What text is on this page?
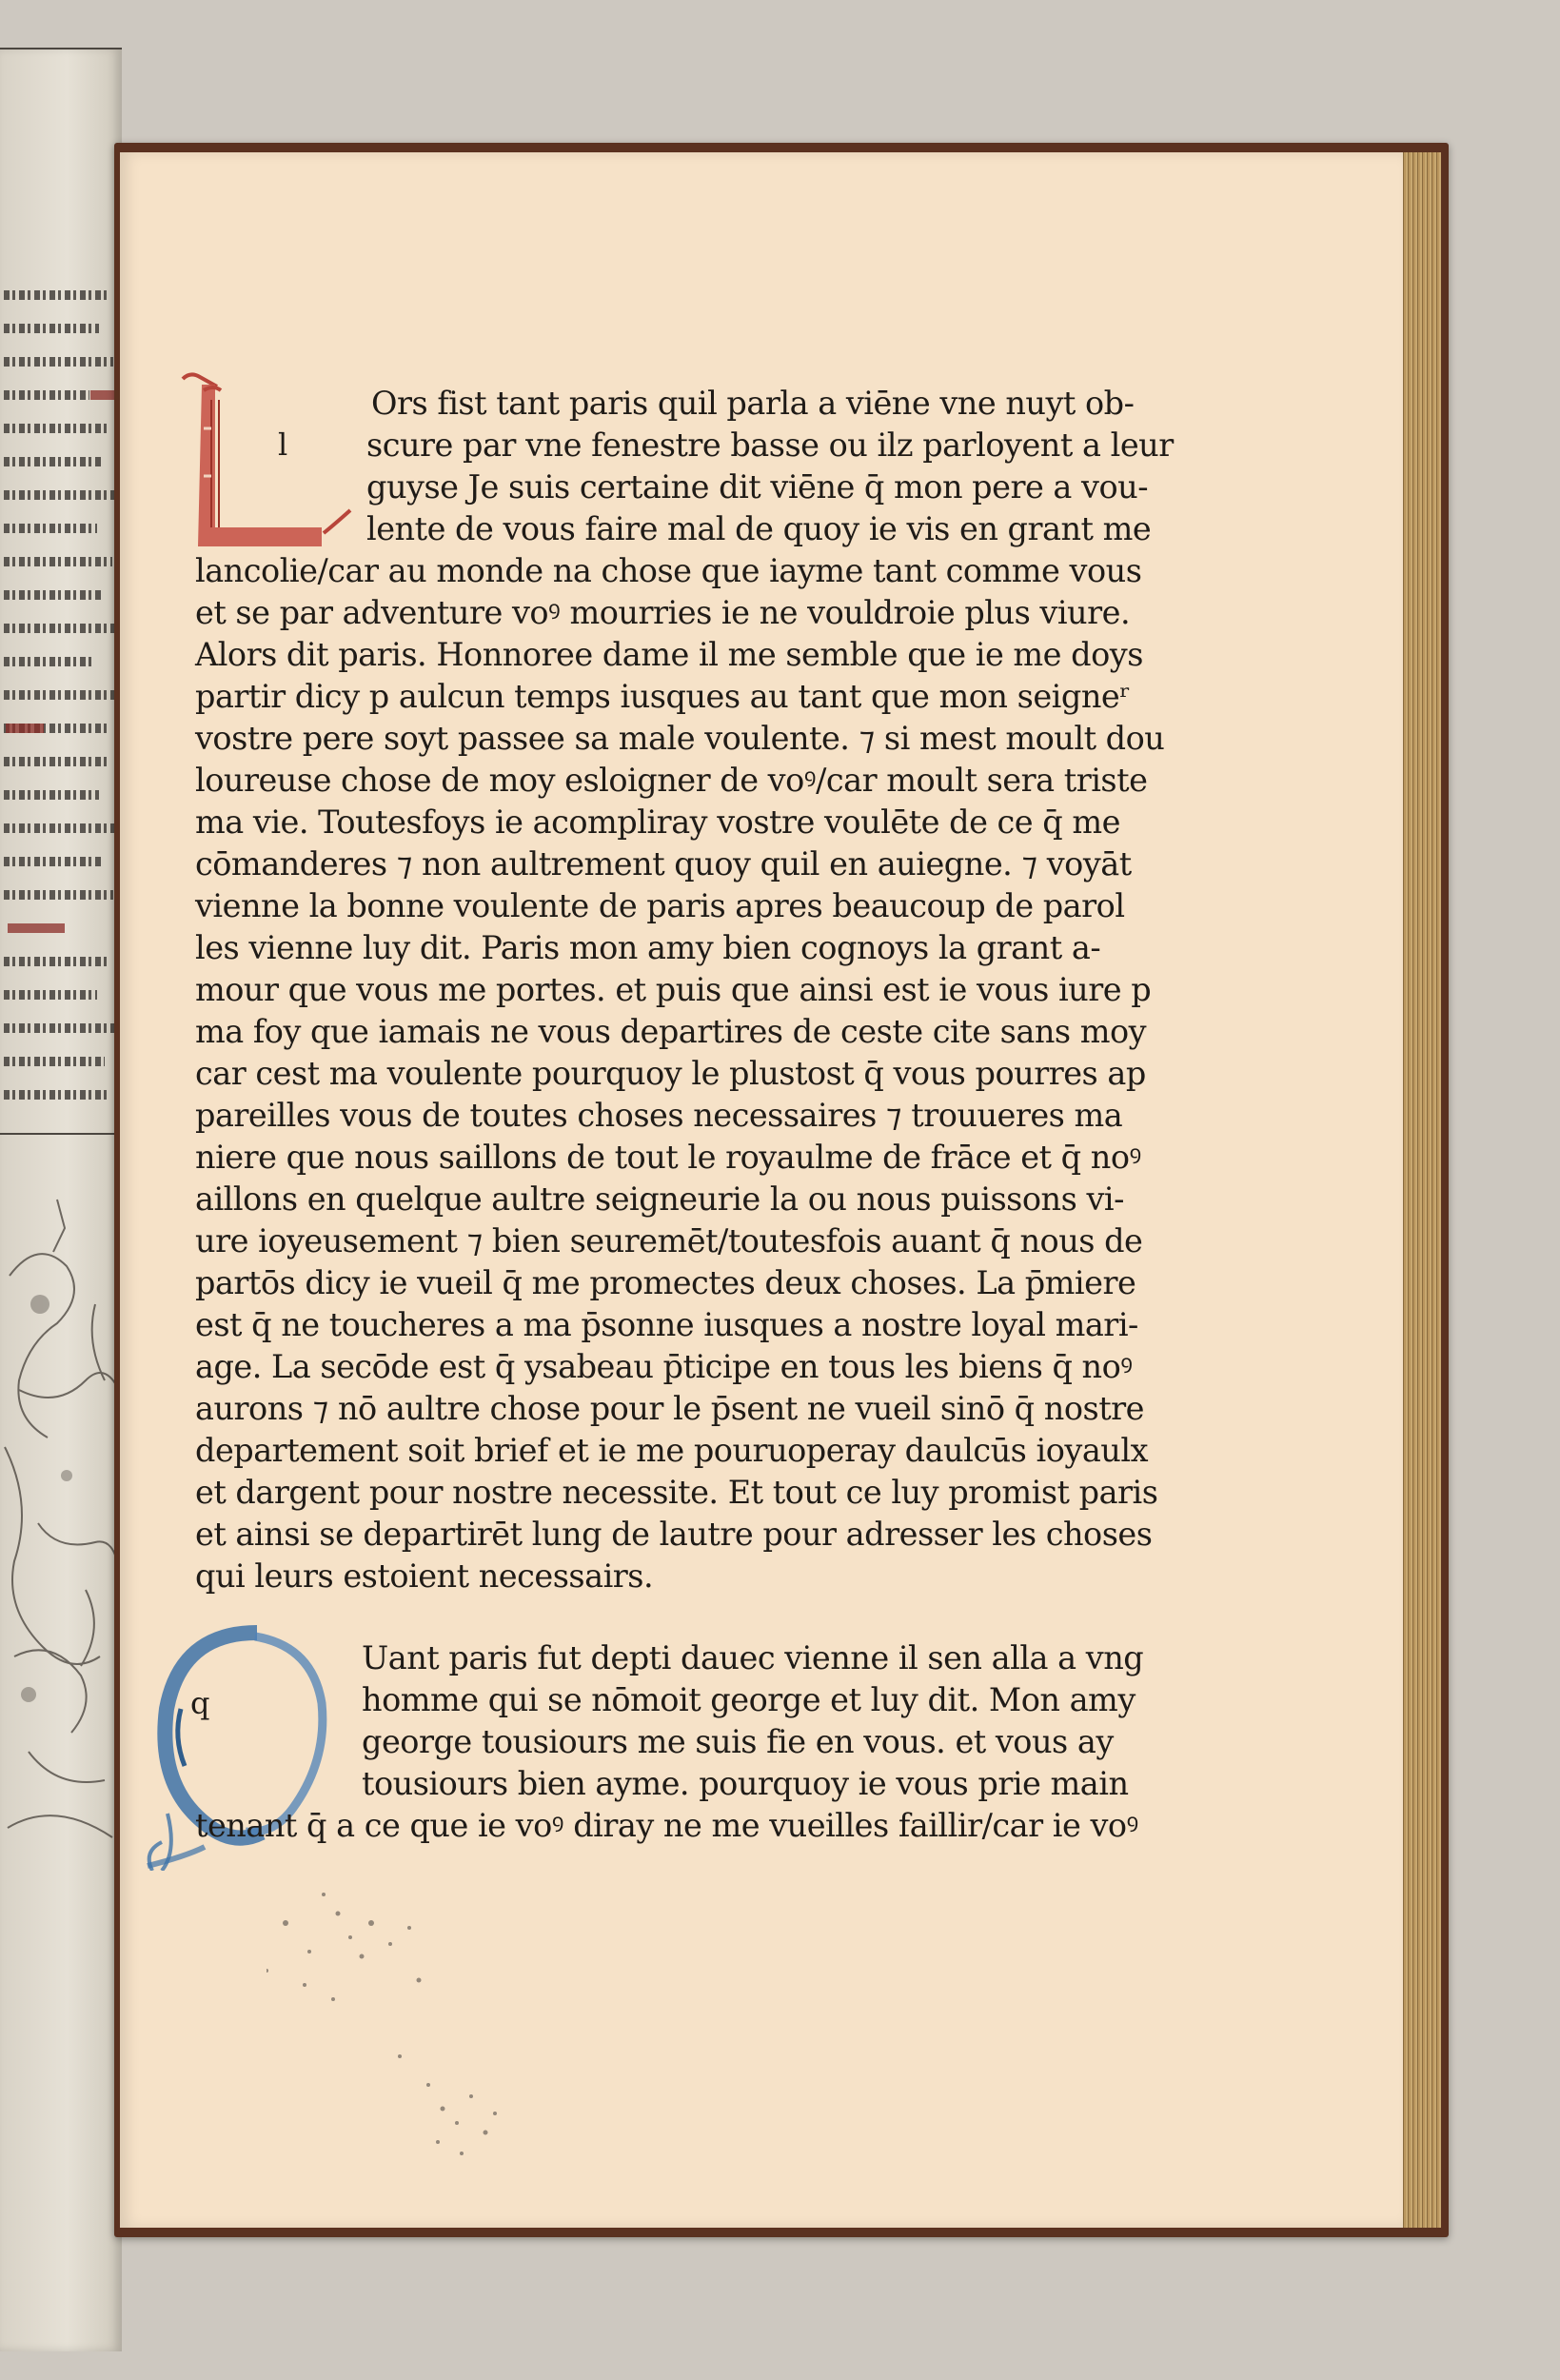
l
q
Ors fist tant paris quil parla a viēne vne nuyt ob-
scure par vne fenestre basse ou ilz parloyent a leur
guyse Je suis certaine dit viēne q̄ mon pere a vou-
lente de vous faire mal de quoy ie vis en grant me
lancolie/car au monde na chose que iayme tant comme vous
et se par adventure voꝰ mourries ie ne vouldroie plus viure.
Alors dit paris. Honnoree dame il me semble que ie me doys
partir dicy p aulcun temps iusques au tant que mon seigneʳ
vostre pere soyt passee sa male voulente. ⁊ si mest moult dou
loureuse chose de moy esloigner de voꝰ/car moult sera triste
ma vie. Toutesfoys ie acompliray vostre voulēte de ce q̄ me
cōmanderes ⁊ non aultrement quoy quil en auiegne. ⁊ voyāt
vienne la bonne voulente de paris apres beaucoup de parol
les vienne luy dit. Paris mon amy bien cognoys la grant a-
mour que vous me portes. et puis que ainsi est ie vous iure p
ma foy que iamais ne vous departires de ceste cite sans moy
car cest ma voulente pourquoy le plustost q̄ vous pourres ap
pareilles vous de toutes choses necessaires ⁊ trouueres ma
niere que nous saillons de tout le royaulme de frāce et q̄ noꝰ
aillons en quelque aultre seigneurie la ou nous puissons vi-
ure ioyeusement ⁊ bien seuremēt/toutesfois auant q̄ nous de
partōs dicy ie vueil q̄ me promectes deux choses. La p̄miere
est q̄ ne toucheres a ma p̄sonne iusques a nostre loyal mari-
age. La secōde est q̄ ysabeau p̄ticipe en tous les biens q̄ noꝰ
aurons ⁊ nō aultre chose pour le p̄sent ne vueil sinō q̄ nostre
departement soit brief et ie me pouruoperay daulcūs ioyaulx
et dargent pour nostre necessite. Et tout ce luy promist paris
et ainsi se departirēt lung de lautre pour adresser les choses
qui leurs estoient necessairs.
Uant paris fut depti dauec vienne il sen alla a vng
homme qui se nōmoit george et luy dit. Mon amy
george tousiours me suis fie en vous. et vous ay
tousiours bien ayme. pourquoy ie vous prie main
tenant q̄ a ce que ie voꝰ diray ne me vueilles faillir/car ie voꝰ
